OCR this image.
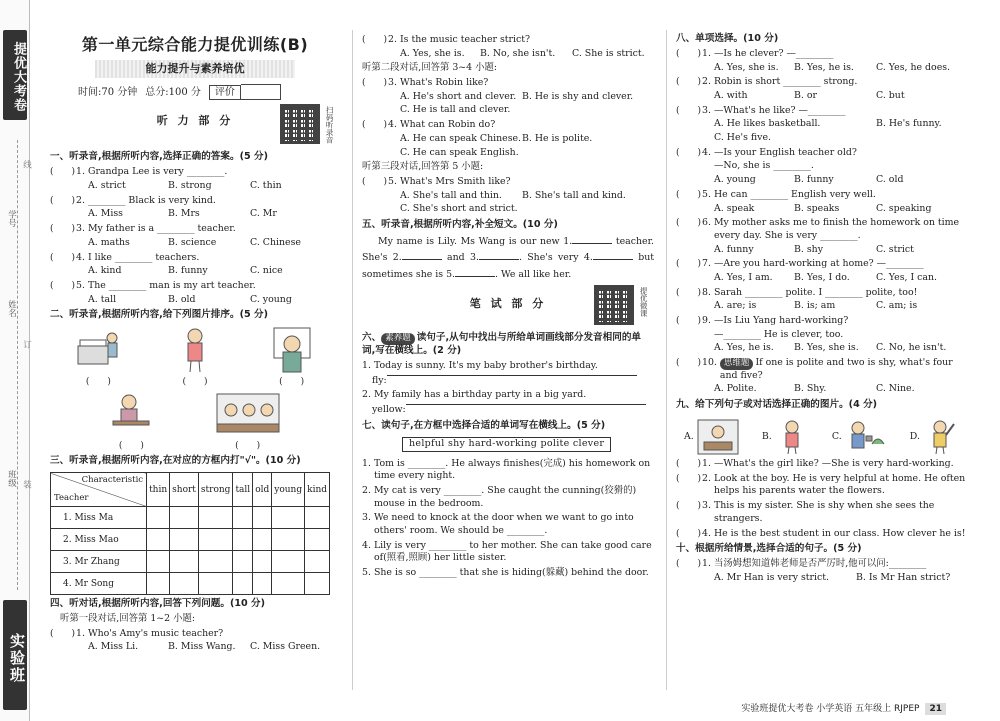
提优大考卷
学号
姓名
班级
线
订
装
实验班
第一单元综合能力提优训练(B)
能力提升与素养培优
时间:70 分钟 总分:100 分	评价
听 力 部 分	扫码听录音
一、听录音,根据所听内容,选择正确的答案。(5 分)
(　　) 1. Grandpa Lee is very ________.
A. strict	B. strong	C. thin
(　　) 2. ________ Black is very kind.
A. Miss	B. Mrs	C. Mr
(　　) 3. My father is a ________ teacher.
A. maths	B. science	C. Chinese
(　　) 4. I like ________ teachers.
A. kind	B. funny	C. nice
(　　) 5. The ________ man is my art teacher.
A. tall	B. old	C. young
二、听录音,根据所听内容,给下列图片排序。(5 分)
(　　)	(　　)	(　　)
(　　)	(　　)
三、听录音,根据所听内容,在对应的方框内打"√"。(10 分)
Characteristic
Teacher	thin	short	strong	tall	old	young	kind
1. Miss Ma							
2. Miss Mao							
3. Mr Zhang							
4. Mr Song							
四、听对话,根据所听内容,回答下列问题。(10 分)
听第一段对话,回答第 1~2 小题:
(　　) 1. Who's Amy's music teacher?
A. Miss Li.	B. Miss Wang.	C. Miss Green.
(　　) 2. Is the music teacher strict?
A. Yes, she is.	B. No, she isn't.	C. She is strict.
听第二段对话,回答第 3~4 小题:
(　　) 3. What's Robin like?
A. He's short and clever. B. He is shy and clever.
C. He is tall and clever.
(　　) 4. What can Robin do?
A. He can speak Chinese. B. He is polite.
C. He can speak English.
听第三段对话,回答第 5 小题:
(　　) 5. What's Mrs Smith like?
A. She's tall and thin.	B. She's tall and kind.
C. She's short and strict.
五、听录音,根据所听内容,补全短文。(10 分)
My name is Lily. Ms Wang is our new 1.	teacher. She's 2.	and 3.	. She's very 4.	but sometimes she is 5.	. We all like her.
笔 试 部 分	提优微课
六、 素养题 读句子,从句中找出与所给单词画线部分发音相同的单词,写在横线上。(2 分)
1. Today is sunny. It's my baby brother's birthday.
fly:
2. My family has a birthday party in a big yard.
yellow:
七、读句子,在方框中选择合适的单词写在横线上。(5 分)
helpful shy hard-working polite clever
1. Tom is ________. He always finishes(完成) his homework on time every night.
2. My cat is very ________. She caught the cunning(狡猾的) mouse in the bedroom.
3. We need to knock at the door when we want to go into others' room. We should be ________.
4. Lily is very ________ to her mother. She can take good care of(照看,照顾) her little sister.
5. She is so ________ that she is hiding(躲藏) behind the door.
八、单项选择。(10 分)
(　　) 1. —Is he clever? —________
A. Yes, she is.	B. Yes, he is.	C. Yes, he does.
(　　) 2. Robin is short ________ strong.
A. with	B. or	C. but
(　　) 3. —What's he like? —________
A. He likes basketball.	B. He's funny.
C. He's five.
(　　) 4. —Is your English teacher old?
—No, she is ________.
A. young	B. funny	C. old
(　　) 5. He can ________ English very well.
A. speak	B. speaks	C. speaking
(　　) 6. My mother asks me to finish the homework on time every day. She is very ________.
A. funny	B. shy	C. strict
(　　) 7. —Are you hard-working at home? —________
A. Yes, I am.	B. Yes, I do.	C. Yes, I can.
(　　) 8. Sarah ________ polite. I ________ polite, too!
A. are; is	B. is; am	C. am; is
(　　) 9. —Is Liu Yang hard-working?
—________ He is clever, too.
A. Yes, he is.	B. Yes, she is.	C. No, he isn't.
(　　) 10. 思维题 If one is polite and two is shy, what's four and five?
A. Polite.	B. Shy.	C. Nine.
九、给下列句子或对话选择正确的图片。(4 分)
A.	B.	C.	D.
(　　) 1. —What's the girl like? —She is very hard-working.
(　　) 2. Look at the boy. He is very helpful at home. He often helps his parents water the flowers.
(　　) 3. This is my sister. She is shy when she sees the strangers.
(　　) 4. He is the best student in our class. How clever he is!
十、根据所给情景,选择合适的句子。(5 分)
(　　) 1. 当汤姆想知道韩老师是否严厉时,他可以问:________
A. Mr Han is very strict.	B. Is Mr Han strict?
实验班提优大考卷 小学英语 五年级上 RJPEP 21
